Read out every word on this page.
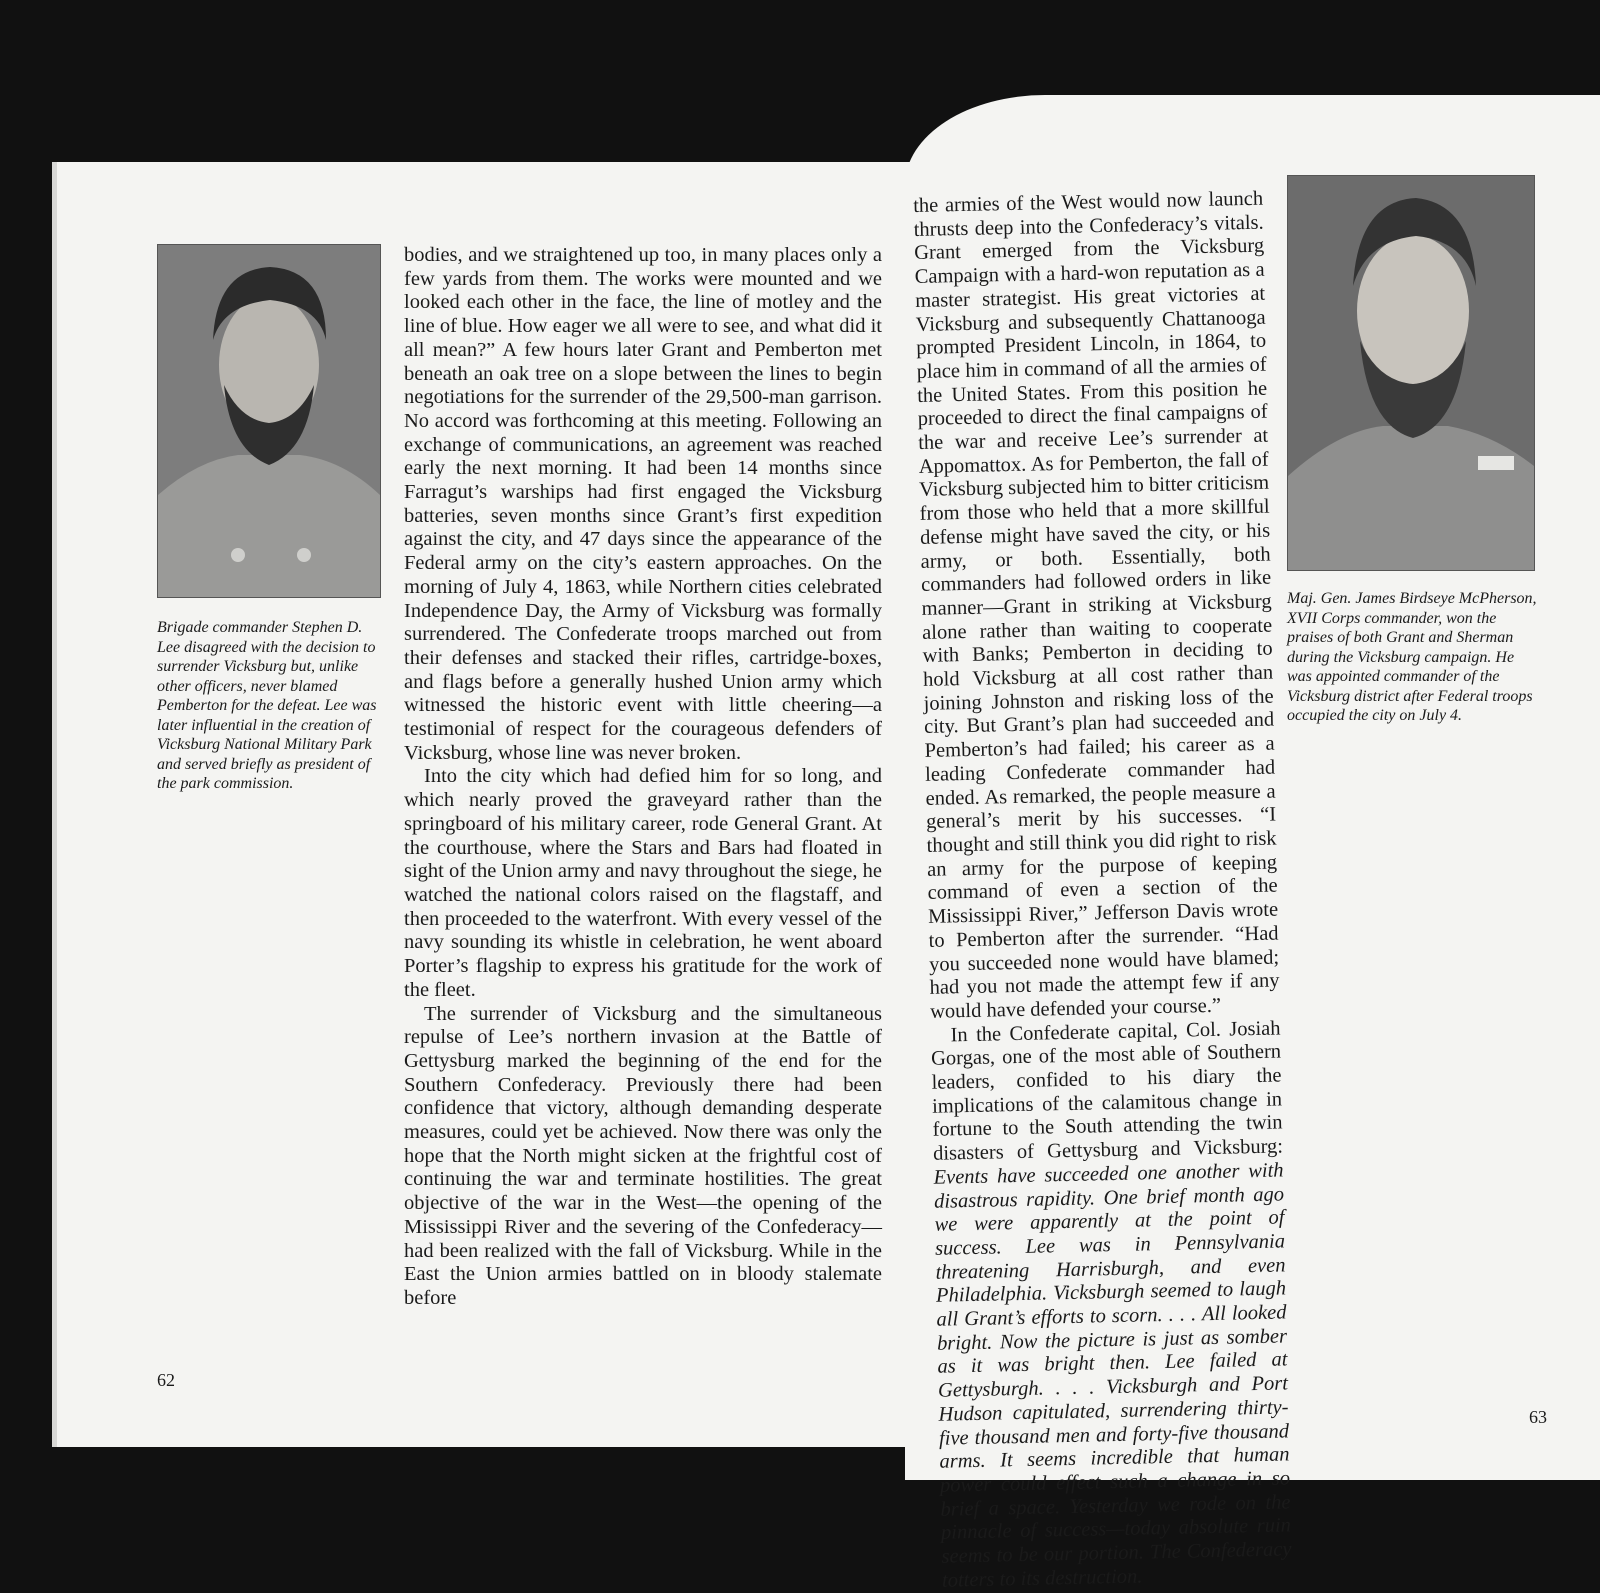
Brigade commander Stephen D. Lee disagreed with the decision to surrender Vicksburg but, unlike other officers, never blamed Pemberton for the defeat. Lee was later influential in the creation of Vicksburg National Military Park and served briefly as president of the park commission.

bodies, and we straightened up too, in many places only a few yards from them. The works were mounted and we looked each other in the face, the line of motley and the line of blue. How eager we all were to see, and what did it all mean?” A few hours later Grant and Pemberton met beneath an oak tree on a slope between the lines to begin negotiations for the surrender of the 29,500-man garrison. No accord was forthcoming at this meeting. Following an exchange of communications, an agreement was reached early the next morning. It had been 14 months since Farragut’s warships had first engaged the Vicksburg batteries, seven months since Grant’s first expedition against the city, and 47 days since the appearance of the Federal army on the city’s eastern approaches. On the morning of July 4, 1863, while Northern cities celebrated Independence Day, the Army of Vicksburg was formally surrendered. The Confederate troops marched out from their defenses and stacked their rifles, cartridge-boxes, and flags before a generally hushed Union army which witnessed the historic event with little cheering—a testimonial of respect for the courageous defenders of Vicksburg, whose line was never broken.

Into the city which had defied him for so long, and which nearly proved the graveyard rather than the springboard of his military career, rode General Grant. At the courthouse, where the Stars and Bars had floated in sight of the Union army and navy throughout the siege, he watched the national colors raised on the flagstaff, and then proceeded to the waterfront. With every vessel of the navy sounding its whistle in celebration, he went aboard Porter’s flagship to express his gratitude for the work of the fleet.

The surrender of Vicksburg and the simultaneous repulse of Lee’s northern invasion at the Battle of Gettysburg marked the beginning of the end for the Southern Confederacy. Previously there had been confidence that victory, although demanding desperate measures, could yet be achieved. Now there was only the hope that the North might sicken at the frightful cost of continuing the war and terminate hostilities. The great objective of the war in the West—the opening of the Mississippi River and the severing of the Confederacy—had been realized with the fall of Vicksburg. While in the East the Union armies battled on in bloody stalemate before

62

the armies of the West would now launch thrusts deep into the Confederacy’s vitals. Grant emerged from the Vicksburg Campaign with a hard-won reputation as a master strategist. His great victories at Vicksburg and subsequently Chattanooga prompted President Lincoln, in 1864, to place him in command of all the armies of the United States. From this position he proceeded to direct the final campaigns of the war and receive Lee’s surrender at Appomattox. As for Pemberton, the fall of Vicksburg subjected him to bitter criticism from those who held that a more skillful defense might have saved the city, or his army, or both. Essentially, both commanders had followed orders in like manner—Grant in striking at Vicksburg alone rather than waiting to cooperate with Banks; Pemberton in deciding to hold Vicksburg at all cost rather than joining Johnston and risking loss of the city. But Grant’s plan had succeeded and Pemberton’s had failed; his career as a leading Confederate commander had ended. As remarked, the people measure a general’s merit by his successes. “I thought and still think you did right to risk an army for the purpose of keeping command of even a section of the Mississippi River,” Jefferson Davis wrote to Pemberton after the surrender. “Had you succeeded none would have blamed; had you not made the attempt few if any would have defended your course.”

In the Confederate capital, Col. Josiah Gorgas, one of the most able of Southern leaders, confided to his diary the implications of the calamitous change in fortune to the South attending the twin disasters of Gettysburg and Vicksburg: Events have succeeded one another with disastrous rapidity. One brief month ago we were apparently at the point of success. Lee was in Pennsylvania threatening Harrisburgh, and even Philadelphia. Vicksburgh seemed to laugh all Grant’s efforts to scorn. . . . All looked bright. Now the picture is just as somber as it was bright then. Lee failed at Gettysburgh. . . . Vicksburgh and Port Hudson capitulated, surrendering thirty-five thousand men and forty-five thousand arms. It seems incredible that human power could effect such a change in so brief a space. Yesterday we rode on the pinnacle of success—today absolute ruin seems to be our portion. The Confederacy totters to its destruction.

Maj. Gen. James Birdseye McPherson, XVII Corps commander, won the praises of both Grant and Sherman during the Vicksburg campaign. He was appointed commander of the Vicksburg district after Federal troops occupied the city on July 4.

63
